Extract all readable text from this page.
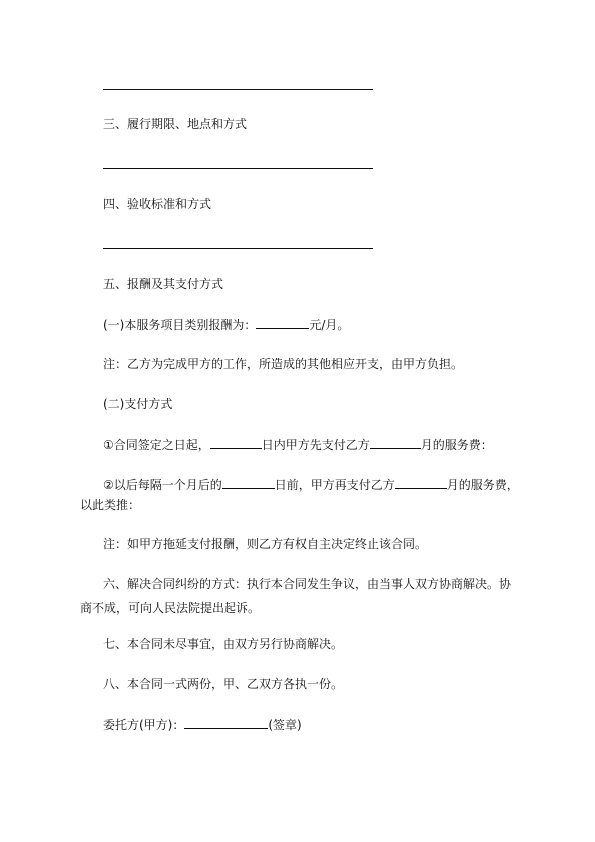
三、履行期限、地点和方式
四、验收标准和方式
五、报酬及其支付方式
(一)本服务项目类别报酬为：	元/月。
注：乙方为完成甲方的工作，所造成的其他相应开支，由甲方负担。
(二)支付方式
①合同签定之日起，	日内甲方先支付乙方	月的服务费：
②以后每隔一个月后的	日前，甲方再支付乙方	月的服务费，
以此类推：
注：如甲方拖延支付报酬，则乙方有权自主决定终止该合同。
六、解决合同纠纷的方式：执行本合同发生争议，由当事人双方协商解决。协商不成，可向人民法院提出起诉。
七、本合同未尽事宜，由双方另行协商解决。
八、本合同一式两份，甲、乙双方各执一份。
委托方(甲方)：	(签章)
